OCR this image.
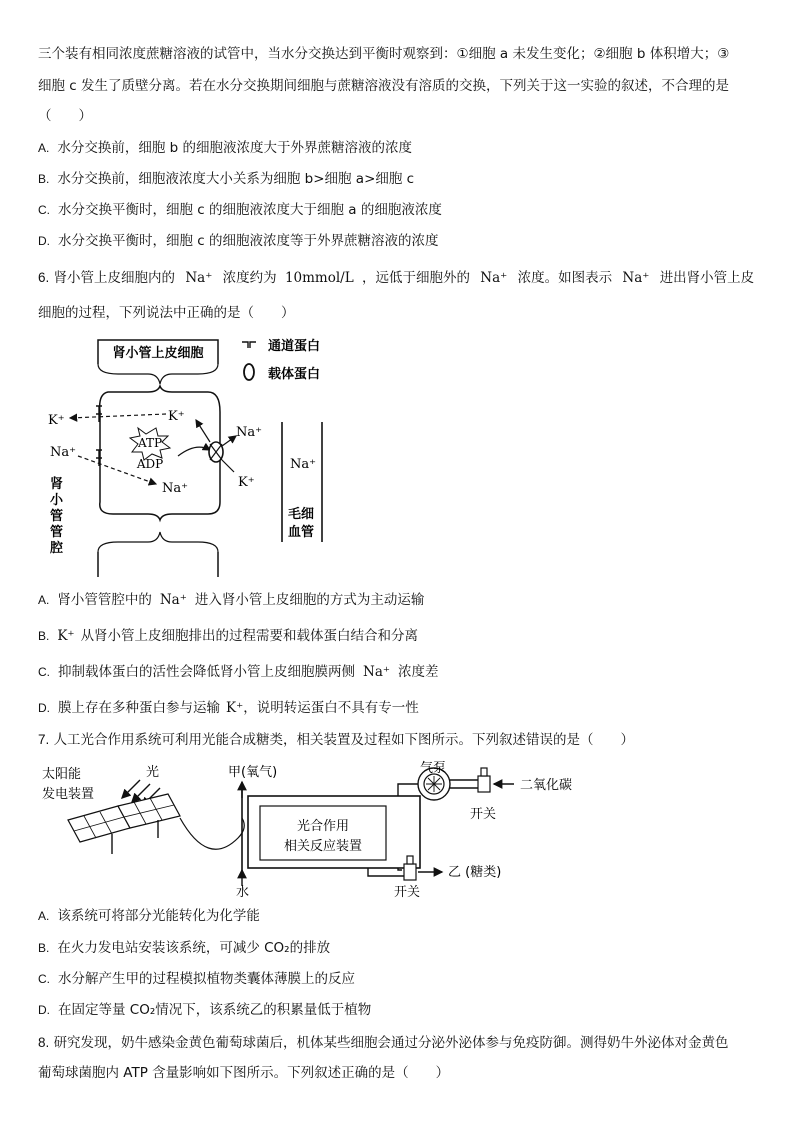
三个装有相同浓度蔗糖溶液的试管中，当水分交换达到平衡时观察到：①细胞 a 未发生变化；②细胞 b 体积增大；③
细胞 c 发生了质壁分离。若在水分交换期间细胞与蔗糖溶液没有溶质的交换，下列关于这一实验的叙述，不合理的是
（　　）
A. 水分交换前，细胞 b 的细胞液浓度大于外界蔗糖溶液的浓度
B. 水分交换前，细胞液浓度大小关系为细胞 b>细胞 a>细胞 c
C. 水分交换平衡时，细胞 c 的细胞液浓度大于细胞 a 的细胞液浓度
D. 水分交换平衡时，细胞 c 的细胞液浓度等于外界蔗糖溶液的浓度
6. 肾小管上皮细胞内的 Na⁺ 浓度约为 10mmol/L ，远低于细胞外的 Na⁺ 浓度。如图表示 Na⁺ 进出肾小管上皮
细胞的过程，下列说法中正确的是（　　）
肾小管上皮细胞	通道蛋白
载体蛋白
K⁺	K⁺
Na⁺
ATP
ADP
Na⁺
Na⁺
K⁺
肾
小
管
管
腔
Na⁺
毛细
血管
A. 肾小管管腔中的 Na⁺ 进入肾小管上皮细胞的方式为主动运输
B. K⁺ 从肾小管上皮细胞排出的过程需要和载体蛋白结合和分离
C. 抑制载体蛋白的活性会降低肾小管上皮细胞膜两侧 Na⁺ 浓度差
D. 膜上存在多种蛋白参与运输 K⁺，说明转运蛋白不具有专一性
7. 人工光合作用系统可利用光能合成糖类，相关装置及过程如下图所示。下列叙述错误的是（　　）
太阳能
发电装置
光	甲(氧气)
水
光合作用
相关反应装置
气泵
二氧化碳
开关
乙 (糖类)
开关
A. 该系统可将部分光能转化为化学能
B. 在火力发电站安装该系统，可减少 CO₂的排放
C. 水分解产生甲的过程模拟植物类囊体薄膜上的反应
D. 在固定等量 CO₂情况下，该系统乙的积累量低于植物
8. 研究发现，奶牛感染金黄色葡萄球菌后，机体某些细胞会通过分泌外泌体参与免疫防御。测得奶牛外泌体对金黄色
葡萄球菌胞内 ATP 含量影响如下图所示。下列叙述正确的是（　　）
